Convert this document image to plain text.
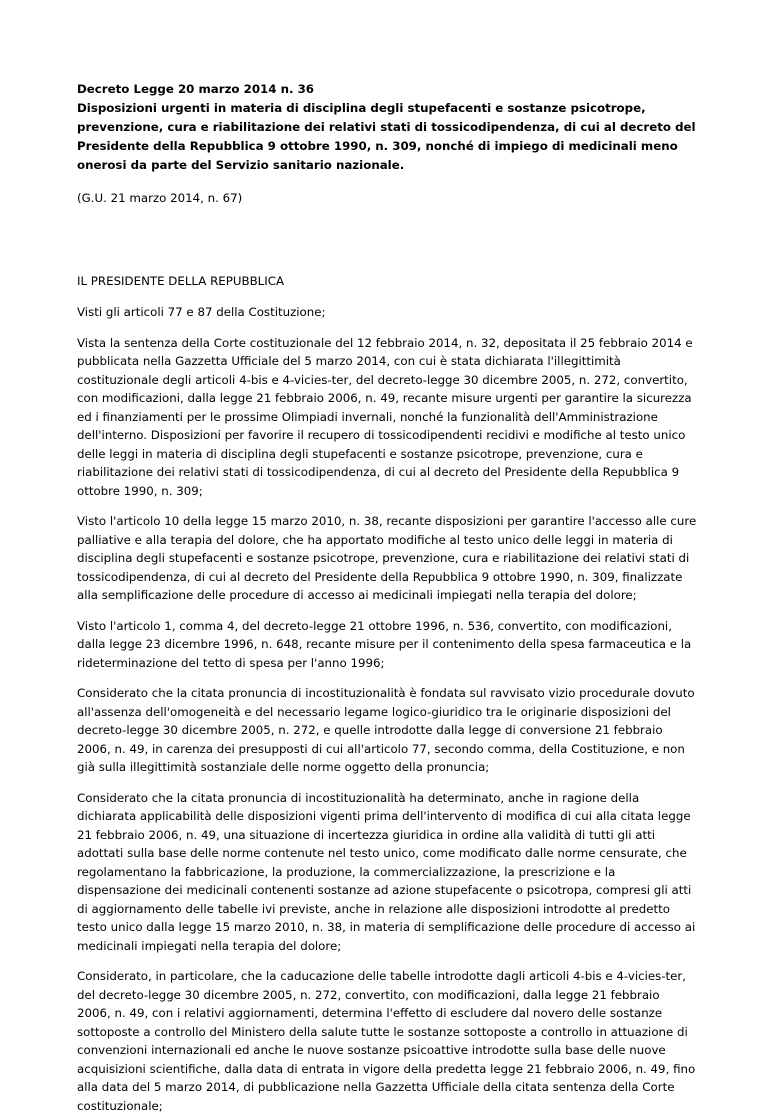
Decreto Legge 20 marzo 2014 n. 36
Disposizioni urgenti in materia di disciplina degli stupefacenti e sostanze psicotrope, prevenzione, cura e riabilitazione dei relativi stati di tossicodipendenza, di cui al decreto del Presidente della Repubblica 9 ottobre 1990, n. 309, nonché di impiego di medicinali meno onerosi da parte del Servizio sanitario nazionale.

(G.U. 21 marzo 2014, n. 67)

IL PRESIDENTE DELLA REPUBBLICA

Visti gli articoli 77 e 87 della Costituzione;

Vista la sentenza della Corte costituzionale del 12 febbraio 2014, n. 32, depositata il 25 febbraio 2014 e pubblicata nella Gazzetta Ufficiale del 5 marzo 2014, con cui è stata dichiarata l'illegittimità costituzionale degli articoli 4-bis e 4-vicies-ter, del decreto-legge 30 dicembre 2005, n. 272, convertito, con modificazioni, dalla legge 21 febbraio 2006, n. 49, recante misure urgenti per garantire la sicurezza ed i finanziamenti per le prossime Olimpiadi invernali, nonché la funzionalità dell'Amministrazione dell'interno. Disposizioni per favorire il recupero di tossicodipendenti recidivi e modifiche al testo unico delle leggi in materia di disciplina degli stupefacenti e sostanze psicotrope, prevenzione, cura e riabilitazione dei relativi stati di tossicodipendenza, di cui al decreto del Presidente della Repubblica 9 ottobre 1990, n. 309;

Visto l'articolo 10 della legge 15 marzo 2010, n. 38, recante disposizioni per garantire l'accesso alle cure palliative e alla terapia del dolore, che ha apportato modifiche al testo unico delle leggi in materia di disciplina degli stupefacenti e sostanze psicotrope, prevenzione, cura e riabilitazione dei relativi stati di tossicodipendenza, di cui al decreto del Presidente della Repubblica 9 ottobre 1990, n. 309, finalizzate alla semplificazione delle procedure di accesso ai medicinali impiegati nella terapia del dolore;

Visto l'articolo 1, comma 4, del decreto-legge 21 ottobre 1996, n. 536, convertito, con modificazioni, dalla legge 23 dicembre 1996, n. 648, recante misure per il contenimento della spesa farmaceutica e la rideterminazione del tetto di spesa per l'anno 1996;

Considerato che la citata pronuncia di incostituzionalità è fondata sul ravvisato vizio procedurale dovuto all'assenza dell'omogeneità e del necessario legame logico-giuridico tra le originarie disposizioni del decreto-legge 30 dicembre 2005, n. 272, e quelle introdotte dalla legge di conversione 21 febbraio 2006, n. 49, in carenza dei presupposti di cui all'articolo 77, secondo comma, della Costituzione, e non già sulla illegittimità sostanziale delle norme oggetto della pronuncia;

Considerato che la citata pronuncia di incostituzionalità ha determinato, anche in ragione della dichiarata applicabilità delle disposizioni vigenti prima dell'intervento di modifica di cui alla citata legge 21 febbraio 2006, n. 49, una situazione di incertezza giuridica in ordine alla validità di tutti gli atti adottati sulla base delle norme contenute nel testo unico, come modificato dalle norme censurate, che regolamentano la fabbricazione, la produzione, la commercializzazione, la prescrizione e la dispensazione dei medicinali contenenti sostanze ad azione stupefacente o psicotropa, compresi gli atti di aggiornamento delle tabelle ivi previste, anche in relazione alle disposizioni introdotte al predetto testo unico dalla legge 15 marzo 2010, n. 38, in materia di semplificazione delle procedure di accesso ai medicinali impiegati nella terapia del dolore;

Considerato, in particolare, che la caducazione delle tabelle introdotte dagli articoli 4-bis e 4-vicies-ter, del decreto-legge 30 dicembre 2005, n. 272, convertito, con modificazioni, dalla legge 21 febbraio 2006, n. 49, con i relativi aggiornamenti, determina l'effetto di escludere dal novero delle sostanze sottoposte a controllo del Ministero della salute tutte le sostanze sottoposte a controllo in attuazione di convenzioni internazionali ed anche le nuove sostanze psicoattive introdotte sulla base delle nuove acquisizioni scientifiche, dalla data di entrata in vigore della predetta legge 21 febbraio 2006, n. 49, fino alla data del 5 marzo 2014, di pubblicazione nella Gazzetta Ufficiale della citata sentenza della Corte costituzionale;
